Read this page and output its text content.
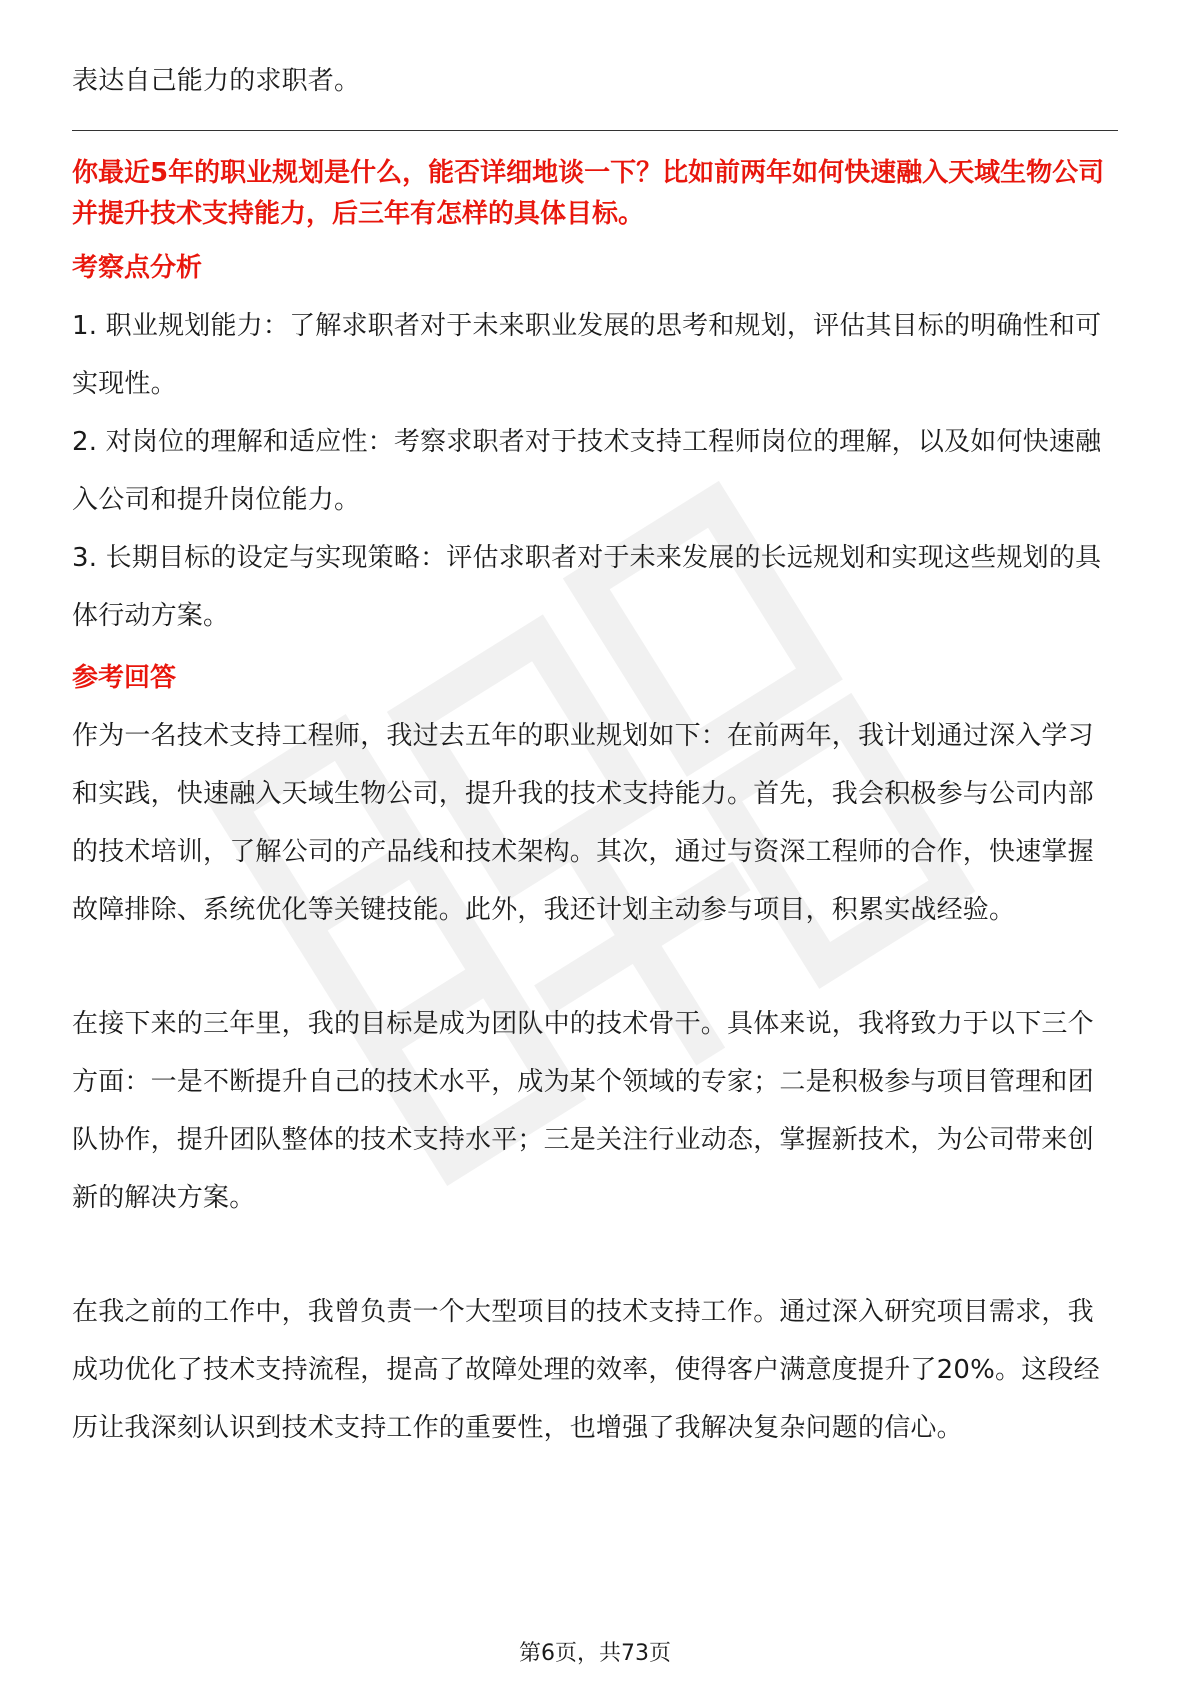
表达自己能力的求职者。

你最近5年的职业规划是什么，能否详细地谈一下？比如前两年如何快速融入天域生物公司并提升技术支持能力，后三年有怎样的具体目标。

考察点分析

1. 职业规划能力：了解求职者对于未来职业发展的思考和规划，评估其目标的明确性和可实现性。

2. 对岗位的理解和适应性：考察求职者对于技术支持工程师岗位的理解，以及如何快速融入公司和提升岗位能力。

3. 长期目标的设定与实现策略：评估求职者对于未来发展的长远规划和实现这些规划的具体行动方案。

参考回答

作为一名技术支持工程师，我过去五年的职业规划如下：在前两年，我计划通过深入学习和实践，快速融入天域生物公司，提升我的技术支持能力。首先，我会积极参与公司内部的技术培训，了解公司的产品线和技术架构。其次，通过与资深工程师的合作，快速掌握故障排除、系统优化等关键技能。此外，我还计划主动参与项目，积累实战经验。

在接下来的三年里，我的目标是成为团队中的技术骨干。具体来说，我将致力于以下三个方面：一是不断提升自己的技术水平，成为某个领域的专家；二是积极参与项目管理和团队协作，提升团队整体的技术支持水平；三是关注行业动态，掌握新技术，为公司带来创新的解决方案。

在我之前的工作中，我曾负责一个大型项目的技术支持工作。通过深入研究项目需求，我成功优化了技术支持流程，提高了故障处理的效率，使得客户满意度提升了20%。这段经历让我深刻认识到技术支持工作的重要性，也增强了我解决复杂问题的信心。

第6页，共73页
